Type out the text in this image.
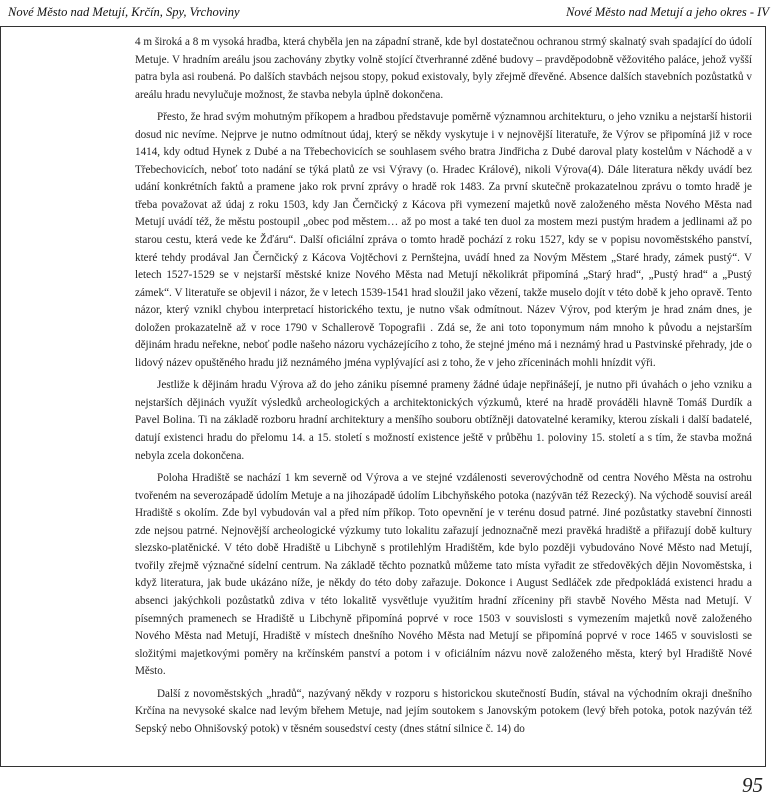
Nové Město nad Metují, Krčín, Spy, Vrchoviny	Nové Město nad Metují a jeho okres - IV

4 m široká a 8 m vysoká hradba, která chyběla jen na západní straně, kde byl dostatečnou ochranou strmý skalnatý svah spadající do údolí Metuje. V hradním areálu jsou zachovány zbytky volně stojící čtverhranné zděné budovy – pravděpodobně věžovitého paláce, jehož vyšší patra byla asi roubená. Po dalších stavbách nejsou stopy, pokud existovaly, byly zřejmě dřevěné. Absence dalších stavebních pozůstatků v areálu hradu nevylučuje možnost, že stavba nebyla úplně dokončena.

Přesto, že hrad svým mohutným příkopem a hradbou představuje poměrně významnou architekturu, o jeho vzniku a nejstarší historii dosud nic nevíme. Nejprve je nutno odmítnout údaj, který se někdy vyskytuje i v nejnovější literatuře, že Výrov se připomíná již v roce 1414, kdy odtud Hynek z Dubé a na Třebechovicích se souhlasem svého bratra Jindřicha z Dubé daroval platy kostelům v Náchodě a v Třebechovicích, neboť toto nadání se týká platů ze vsi Výravy (o. Hradec Králové), nikoli Výrova(4). Dále literatura někdy uvádí bez udání konkrétních faktů a pramene jako rok první zprávy o hradě rok 1483. Za první skutečně prokazatelnou zprávu o tomto hradě je třeba považovat až údaj z roku 1503, kdy Jan Černčický z Kácova při vymezení majetků nově založeného města Nového Města nad Metují uvádí též, že městu postoupil „obec pod městem… až po most a také ten duol za mostem mezi pustým hradem a jedlinami až po starou cestu, která vede ke Žďáru“. Další oficiální zpráva o tomto hradě pochází z roku 1527, kdy se v popisu novoměstského panství, které tehdy prodával Jan Černčický z Kácova Vojtěchovi z Pernštejna, uvádí hned za Novým Městem „Staré hrady, zámek pustý“. V letech 1527-1529 se v nejstarší městské knize Nového Města nad Metují několikrát připomíná „Starý hrad“, „Pustý hrad“ a „Pustý zámek“. V literatuře se objevil i názor, že v letech 1539-1541 hrad sloužil jako vězení, takže muselo dojít v této době k jeho opravě. Tento názor, který vznikl chybou interpretací historického textu, je nutno však odmítnout. Název Výrov, pod kterým je hrad znám dnes, je doložen prokazatelně až v roce 1790 v Schallerově Topografii . Zdá se, že ani toto toponymum nám mnoho k původu a nejstarším dějinám hradu neřekne, neboť podle našeho názoru vycházejícího z toho, že stejné jméno má i neznámý hrad u Pastvinské přehrady, jde o lidový název opuštěného hradu již neznámého jména vyplývající asi z toho, že v jeho zříceninách mohli hnízdit výři.

Jestliže k dějinám hradu Výrova až do jeho zániku písemné prameny žádné údaje nepřinášejí, je nutno při úvahách o jeho vzniku a nejstarších dějinách využít výsledků archeologických a architektonických výzkumů, které na hradě prováděli hlavně Tomáš Durdík a Pavel Bolina. Ti na základě rozboru hradní architektury a menšího souboru obtížněji datovatelné keramiky, kterou získali i další badatelé, datují existenci hradu do přelomu 14. a 15. století s možností existence ještě v průběhu 1. poloviny 15. století a s tím, že stavba možná nebyla zcela dokončena.

Poloha Hradiště se nachází 1 km severně od Výrova a ve stejné vzdálenosti severovýchodně od centra Nového Města na ostrohu tvořeném na severozápadě údolím Metuje a na jihozápadě údolím Libchyňského potoka (nazývān též Rezecký). Na východě souvisí areál Hradiště s okolím. Zde byl vybudován val a před ním příkop. Toto opevnění je v terénu dosud patrné. Jiné pozůstatky stavební činnosti zde nejsou patrné. Nejnovější archeologické výzkumy tuto lokalitu zařazují jednoznačně mezi pravěká hradiště a přiřazují době kultury slezsko-platěnické. V této době Hradiště u Libchyně s protilehlým Hradištěm, kde bylo později vybudováno Nové Město nad Metují, tvořily zřejmě význačné sídelní centrum. Na základě těchto poznatků můžeme tato místa vyřadit ze středověkých dějin Novoměstska, i když literatura, jak bude ukázáno níže, je někdy do této doby zařazuje. Dokonce i August Sedláček zde předpokládá existenci hradu a absenci jakýchkoli pozůstatků zdiva v této lokalitě vysvětluje využitím hradní zříceniny při stavbě Nového Města nad Metují. V písemných pramenech se Hradiště u Libchyně připomíná poprvé v roce 1503 v souvislosti s vymezením majetků nově založeného Nového Města nad Metují, Hradiště v místech dnešního Nového Města nad Metují se připomíná poprvé v roce 1465 v souvislosti se složitými majetkovými poměry na krčínském panství a potom i v oficiálním názvu nově založeného města, který byl Hradiště Nové Město.

Další z novoměstských „hradů“, nazývaný někdy v rozporu s historickou skutečností Budín, stával na východním okraji dnešního Krčína na nevysoké skalce nad levým břehem Metuje, nad jejím soutokem s Janovským potokem (levý břeh potoka, potok nazýván též Sepský nebo Ohnišovský potok) v těsném sousedství cesty (dnes státní silnice č. 14) do

95
